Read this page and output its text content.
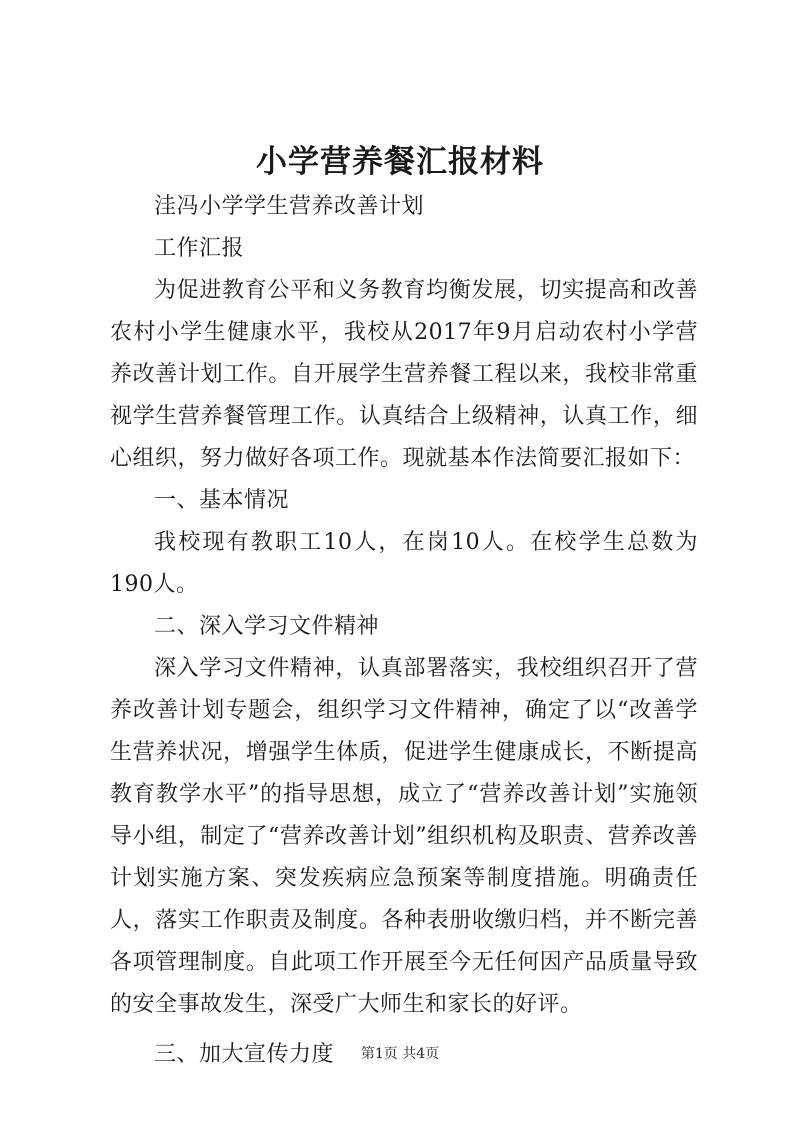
小学营养餐汇报材料

洼冯小学学生营养改善计划

工作汇报

为促进教育公平和义务教育均衡发展，切实提高和改善农村小学生健康水平，我校从2017年9月启动农村小学营养改善计划工作。自开展学生营养餐工程以来，我校非常重视学生营养餐管理工作。认真结合上级精神，认真工作，细心组织，努力做好各项工作。现就基本作法简要汇报如下：

一、基本情况

我校现有教职工10人，在岗10人。在校学生总数为190人。

二、深入学习文件精神

深入学习文件精神，认真部署落实，我校组织召开了营养改善计划专题会，组织学习文件精神，确定了以“改善学生营养状况，增强学生体质，促进学生健康成长，不断提高教育教学水平”的指导思想，成立了“营养改善计划”实施领导小组，制定了“营养改善计划”组织机构及职责、营养改善计划实施方案、突发疾病应急预案等制度措施。明确责任人，落实工作职责及制度。各种表册收缴归档，并不断完善各项管理制度。自此项工作开展至今无任何因产品质量导致的安全事故发生，深受广大师生和家长的好评。

三、加大宣传力度	第1页 共4页
